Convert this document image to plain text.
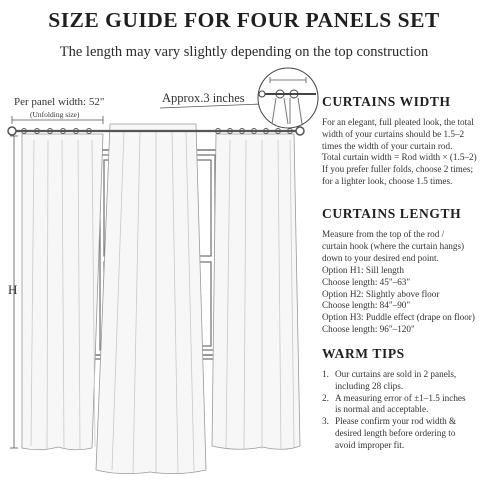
SIZE GUIDE FOR FOUR PANELS SET
The length may vary slightly depending on the top construction
Per panel width: 52"
(Unfolding size)
Approx.3 inches
H
CURTAINS WIDTH
For an elegant, full pleated look, the total
width of your curtains should be 1.5–2
times the width of your curtain rod.
Total curtain width = Rod width × (1.5–2)
If you prefer fuller folds, choose 2 times;
for a lighter look, choose 1.5 times.
CURTAINS LENGTH
Measure from the top of the rod /
curtain hook (where the curtain hangs)
down to your desired end point.
Option H1: Sill length
Choose length: 45"–63"
Option H2: Slightly above floor
Choose length: 84"–90"
Option H3: Puddle effect (drape on floor)
Choose length: 96"–120"
WARM TIPS
1. Our curtains are sold in 2 panels,
including 28 clips.
2. A measuring error of ±1–1.5 inches
is normal and acceptable.
3. Please confirm your rod width &
desired length before ordering to
avoid improper fit.
